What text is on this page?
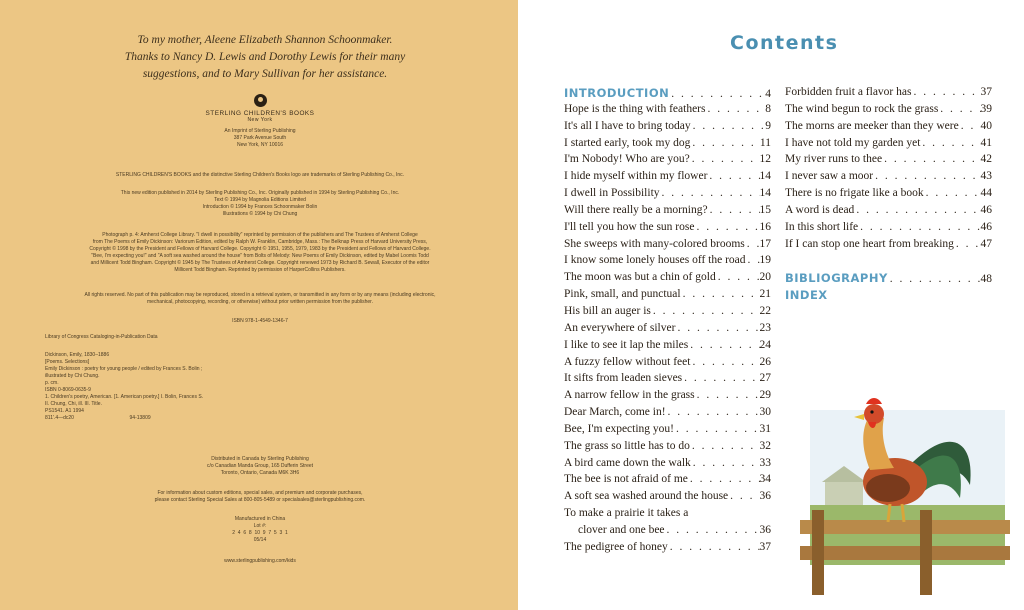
To my mother, Aleene Elizabeth Shannon Schoonmaker.
Thanks to Nancy D. Lewis and Dorothy Lewis for their many
suggestions, and to Mary Sullivan for her assistance.
STERLING CHILDREN'S BOOKS
New York
An Imprint of Sterling Publishing
387 Park Avenue South
New York, NY 10016
STERLING CHILDREN'S BOOKS and the distinctive Sterling Children's Books logo are trademarks of Sterling Publishing Co., Inc.
This new edition published in 2014 by Sterling Publishing Co., Inc. Originally published in 1994 by Sterling Publishing Co., Inc.
Text © 1994 by Magnolia Editions Limited
Introduction © 1994 by Frances Schoonmaker Bolin
Illustrations © 1994 by Chi Chung
Photograph p. 4: Amherst College Library. "I dwell in possibility" reprinted by permission of the publishers and The Trustees of Amherst College
from The Poems of Emily Dickinson: Variorum Edition, edited by Ralph W. Franklin, Cambridge, Mass.: The Belknap Press of Harvard University Press,
Copyright © 1998 by the President and Fellows of Harvard College. Copyright © 1951, 1955, 1979, 1983 by the President and Fellows of Harvard College.
"Bee, I'm expecting you!" and "A soft sea washed around the house" from Bolts of Melody: New Poems of Emily Dickinson, edited by Mabel Loomis Todd
and Millicent Todd Bingham. Copyright © 1945 by The Trustees of Amherst College. Copyright renewed 1973 by Richard B. Sewall, Executor of the editor
Millicent Todd Bingham. Reprinted by permission of HarperCollins Publishers.
All rights reserved. No part of this publication may be reproduced, stored in a retrieval system, or transmitted in any form or by any means (including electronic,
mechanical, photocopying, recording, or otherwise) without prior written permission from the publisher.
ISBN 978-1-4549-1346-7
Library of Congress Cataloging-in-Publication Data
Dickinson, Emily, 1830–1886
[Poems. Selections]
Emily Dickinson : poetry for young people / edited by Frances S. Bolin ;
illustrated by Chi Chung.
p. cm.
ISBN 0-8069-0635-9
1. Children's poetry, American. [1. American poetry.] I. Bolin, Frances S.
II. Chung, Chi, ill. III. Title.
PS1541. A1 1994
811'.4—dc20                                        94-13809
Distributed in Canada by Sterling Publishing
c/o Canadian Manda Group, 165 Dufferin Street
Toronto, Ontario, Canada M6K 3H6
For information about custom editions, special sales, and premium and corporate purchases,
please contact Sterling Special Sales at 800-805-5489 or specialsales@sterlingpublishing.com.
Manufactured in China
Lot #:
2  4  6  8  10  9  7  5  3  1
05/14
www.sterlingpublishing.com/kids
Contents
INTRODUCTION . . .	4
Hope is the thing with feathers . . .	8
It's all I have to bring today . . .	9
I started early, took my dog . . .	11
I'm Nobody! Who are you? . . .	12
I hide myself within my flower . . .	14
I dwell in Possibility . . .	14
Will there really be a morning? . . .	15
I'll tell you how the sun rose . . .	16
She sweeps with many-colored brooms . . . 17
I know some lonely houses off the road . . . 19
The moon was but a chin of gold . . .	20
Pink, small, and punctual . . .	21
His bill an auger is . . .	22
An everywhere of silver . . .	23
I like to see it lap the miles . . .	24
A fuzzy fellow without feet . . .	26
It sifts from leaden sieves . . .	27
A narrow fellow in the grass . . .	29
Dear March, come in! . . .	30
Bee, I'm expecting you! . . .	31
The grass so little has to do . . .	32
A bird came down the walk . . .	33
The bee is not afraid of me . . .	34
A soft sea washed around the house . . .	36
To make a prairie it takes a
clover and one bee . . .	36
The pedigree of honey . . .	37
Forbidden fruit a flavor has . . .	37
The wind begun to rock the grass . . .	39
The morns are meeker than they were . . . 40
I have not told my garden yet . . .	41
My river runs to thee . . .	42
I never saw a moor . . .	43
There is no frigate like a book . . .	44
A word is dead . . .	46
In this short life . . .	46
If I can stop one heart from breaking . . . 47
BIBLIOGRAPHY . . .	48
INDEX
